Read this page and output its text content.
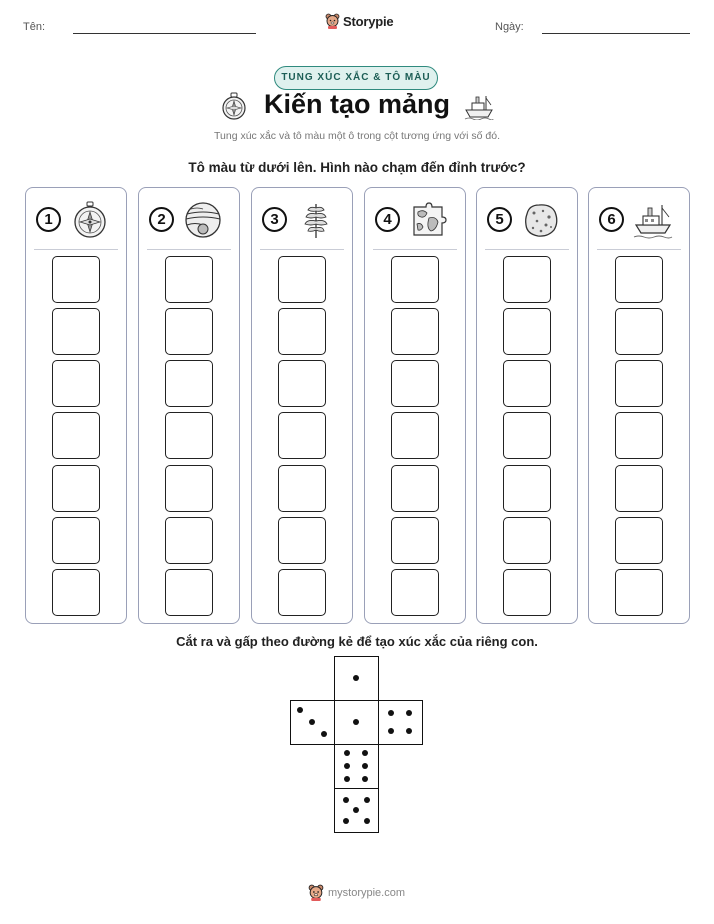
Tên:	Ngày:
Storypie
TUNG XÚC XẮC & TÔ MÀU
Kiến tạo mảng
Tung xúc xắc và tô màu một ô trong cột tương ứng với số đó.
Tô màu từ dưới lên. Hình nào chạm đến đỉnh trước?
1	2	3	4	5	6
Cắt ra và gấp theo đường kẻ để tạo xúc xắc của riêng con.
mystorypie.com
